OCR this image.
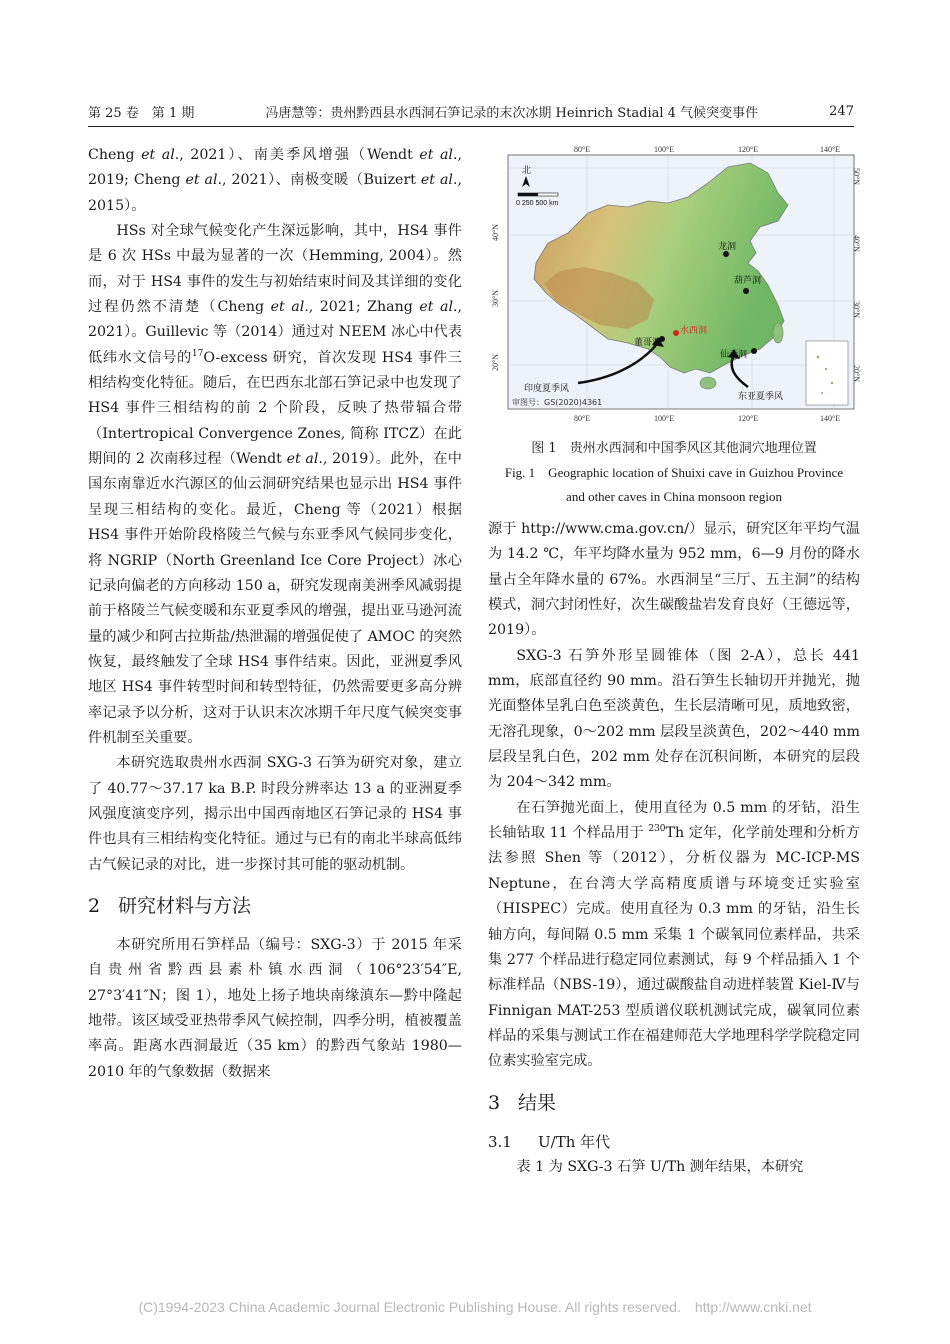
第 25 卷　第 1 期	冯唐慧等：贵州黔西县水西洞石笋记录的末次冰期 Heinrich Stadial 4 气候突变事件	247

Cheng et al., 2021）、南美季风增强（Wendt et al., 2019; Cheng et al., 2021）、南极变暖（Buizert et al., 2015）。

HSs 对全球气候变化产生深远影响，其中，HS4 事件是 6 次 HSs 中最为显著的一次（Hemming, 2004）。然而，对于 HS4 事件的发生与初始结束时间及其详细的变化过程仍然不清楚（Cheng et al., 2021; Zhang et al., 2021）。Guillevic 等（2014）通过对 NEEM 冰心中代表低纬水文信号的$^{17}$O-excess 研究，首次发现 HS4 事件三相结构变化特征。随后，在巴西东北部石笋记录中也发现了 HS4 事件三相结构的前 2 个阶段，反映了热带辐合带（Intertropical Convergence Zones, 简称 ITCZ）在此期间的 2 次南移过程（Wendt et al., 2019）。此外，在中国东南靠近水汽源区的仙云洞研究结果也显示出 HS4 事件呈现三相结构的变化。最近，Cheng 等（2021）根据 HS4 事件开始阶段格陵兰气候与东亚季风气候同步变化，将 NGRIP（North Greenland Ice Core Project）冰心记录向偏老的方向移动 150 a，研究发现南美洲季风减弱提前于格陵兰气候变暖和东亚夏季风的增强，提出亚马逊河流量的减少和阿古拉斯盐/热泄漏的增强促使了 AMOC 的突然恢复，最终触发了全球 HS4 事件结束。因此，亚洲夏季风地区 HS4 事件转型时间和转型特征，仍然需要更多高分辨率记录予以分析，这对于认识末次冰期千年尺度气候突变事件机制至关重要。

本研究选取贵州水西洞 SXG-3 石笋为研究对象，建立了 40.77～37.17 ka B.P. 时段分辨率达 13 a 的亚洲夏季风强度演变序列，揭示出中国西南地区石笋记录的 HS4 事件也具有三相结构变化特征。通过与已有的南北半球高低纬古气候记录的对比，进一步探讨其可能的驱动机制。

2 研究材料与方法

本研究所用石笋样品（编号：SXG-3）于 2015 年采自贵州省黔西县素朴镇水西洞（106°23′54″E, 27°3′41″N；图 1），地处上扬子地块南缘滇东—黔中隆起地带。该区域受亚热带季风气候控制，四季分明，植被覆盖率高。距离水西洞最近（35 km）的黔西气象站 1980—2010 年的气象数据（数据来

80°E	100°E	120°E	140°E
80°E	100°E	120°E	140°E
40°N
30°N
20°N
50°N
40°N
30°N
20°N
北
0 250 500 km
龙洞
葫芦洞
董哥洞
水西洞
仙云洞
印度夏季风
东亚夏季风
审图号：GS(2020)4361
图 1　贵州水西洞和中国季风区其他洞穴地理位置
Fig. 1　Geographic location of Shuixi cave in Guizhou Province
and other caves in China monsoon region

源于 http://www.cma.gov.cn/）显示，研究区年平均气温为 14.2 ℃，年平均降水量为 952 mm，6—9 月份的降水量占全年降水量的 67%。水西洞呈“三厅、五主洞”的结构模式，洞穴封闭性好，次生碳酸盐岩发育良好（王德远等，2019）。

SXG-3 石笋外形呈圆锥体（图 2-A），总长 441 mm，底部直径约 90 mm。沿石笋生长轴切开并抛光，抛光面整体呈乳白色至淡黄色，生长层清晰可见，质地致密，无溶孔现象，0～202 mm 层段呈淡黄色，202～440 mm 层段呈乳白色，202 mm 处存在沉积间断，本研究的层段为 204～342 mm。

在石笋抛光面上，使用直径为 0.5 mm 的牙钻，沿生长轴钻取 11 个样品用于 $^{230}$Th 定年，化学前处理和分析方法参照 Shen 等（2012），分析仪器为 MC-ICP-MS Neptune，在台湾大学高精度质谱与环境变迁实验室（HISPEC）完成。使用直径为 0.3 mm 的牙钻，沿生长轴方向，每间隔 0.5 mm 采集 1 个碳氧同位素样品，共采集 277 个样品进行稳定同位素测试，每 9 个样品插入 1 个标准样品（NBS-19），通过碳酸盐自动进样装置 Kiel-Ⅳ与 Finnigan MAT-253 型质谱仪联机测试完成，碳氧同位素样品的采集与测试工作在福建师范大学地理科学学院稳定同位素实验室完成。

3 结果
3.1 U/Th 年代

表 1 为 SXG-3 石笋 U/Th 测年结果，本研究

(C)1994-2023 China Academic Journal Electronic Publishing House. All rights reserved.　http://www.cnki.net
